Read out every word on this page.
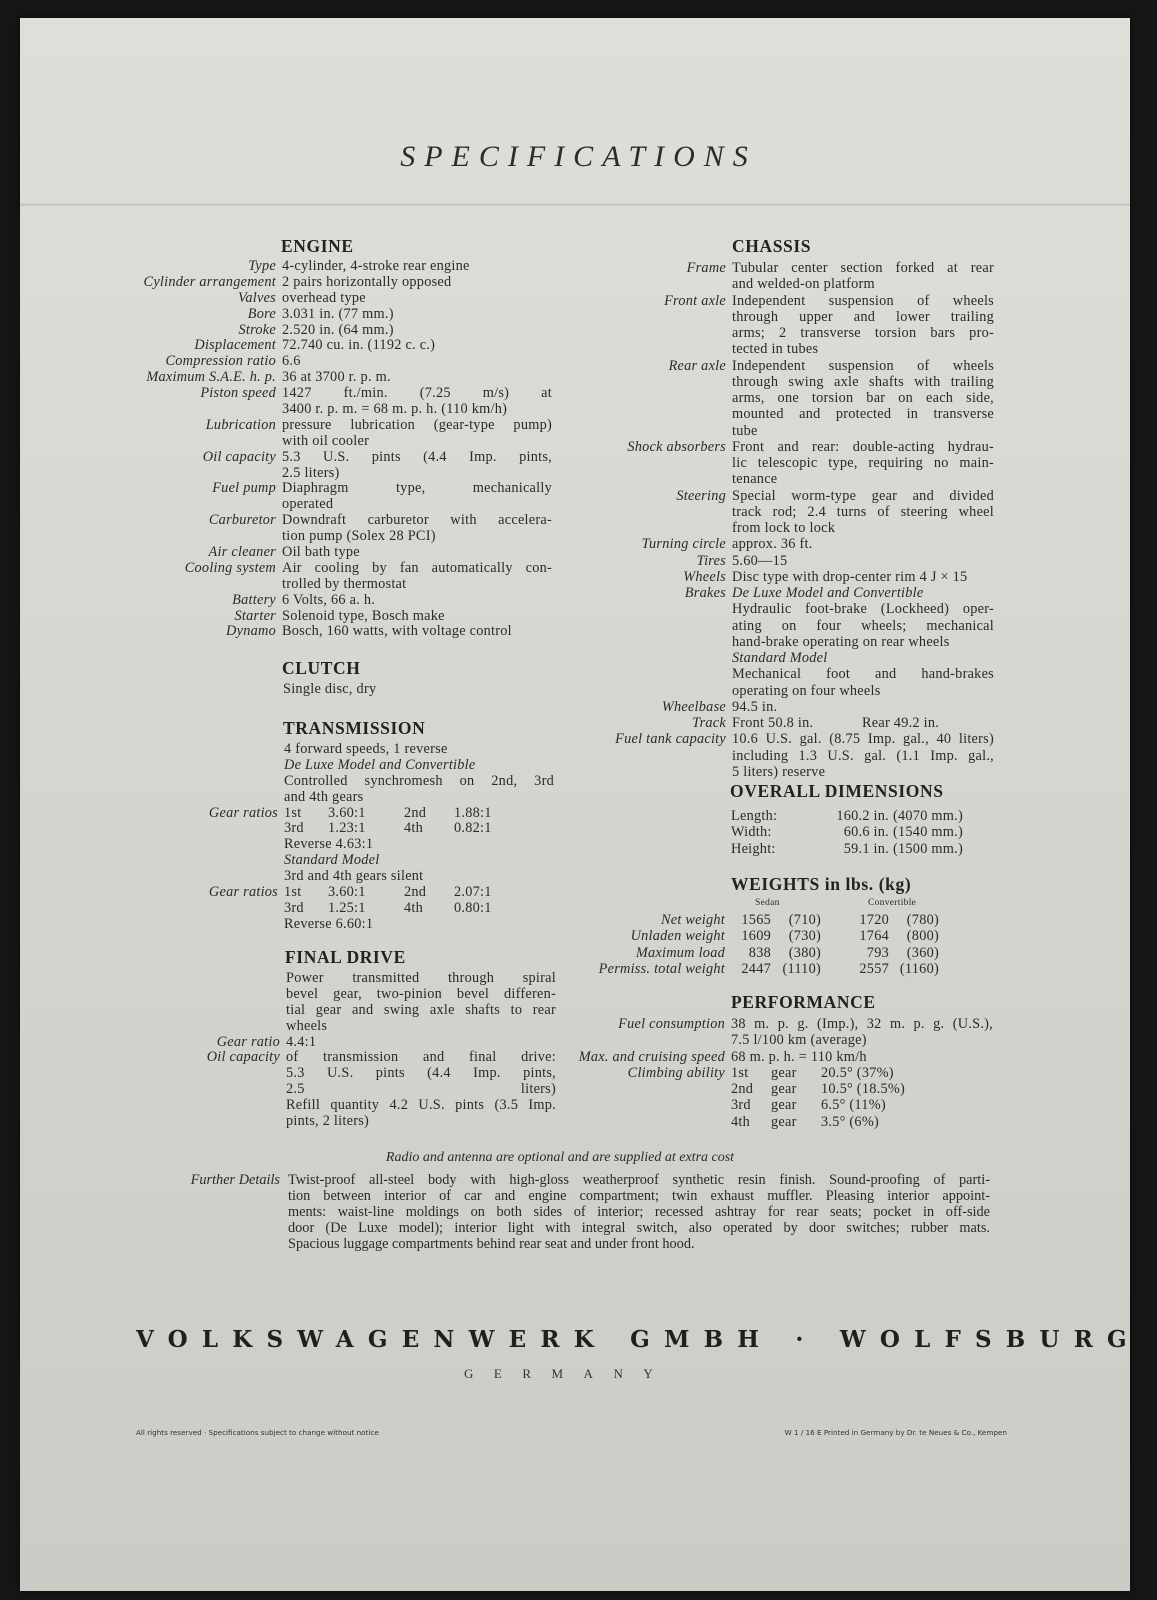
SPECIFICATIONS
ENGINE
Type 4-cylinder, 4-stroke rear engine
Cylinder arrangement 2 pairs horizontally opposed
Valves overhead type
Bore 3.031 in. (77 mm.)
Stroke 2.520 in. (64 mm.)
Displacement 72.740 cu. in. (1192 c. c.)
Compression ratio 6.6
Maximum S.A.E. h. p. 36 at 3700 r. p. m.
Piston speed 1427 ft./min. (7.25 m/s) at
3400 r. p. m. = 68 m. p. h. (110 km/h)
Lubrication pressure lubrication (gear-type pump)
with oil cooler
Oil capacity 5.3 U.S. pints (4.4 Imp. pints,
2.5 liters)
Fuel pump Diaphragm type, mechanically
operated
Carburetor Downdraft carburetor with accelera-
tion pump (Solex 28 PCI)
Air cleaner Oil bath type
Cooling system Air cooling by fan automatically con-
trolled by thermostat
Battery 6 Volts, 66 a. h.
Starter Solenoid type, Bosch make
Dynamo Bosch, 160 watts, with voltage control
CLUTCH
Single disc, dry
TRANSMISSION
4 forward speeds, 1 reverse
De Luxe Model and Convertible
Controlled synchromesh on 2nd, 3rd
and 4th gears
Gear ratios 1st	3.60:1	2nd	1.88:1
3rd	1.23:1	4th	0.82:1
Reverse 4.63:1
Standard Model
3rd and 4th gears silent
Gear ratios 1st	3.60:1	2nd	2.07:1
3rd	1.25:1	4th	0.80:1
Reverse 6.60:1
FINAL DRIVE
Power transmitted through spiral
bevel gear, two-pinion bevel differen-
tial gear and swing axle shafts to rear
wheels
Gear ratio 4.4:1
Oil capacity of transmission and final drive:
5.3 U.S. pints (4.4 Imp. pints,
2.5 liters)
Refill quantity 4.2 U.S. pints (3.5 Imp.
pints, 2 liters)
CHASSIS
Frame Tubular center section forked at rear
and welded-on platform
Front axle Independent suspension of wheels
through upper and lower trailing
arms; 2 transverse torsion bars pro-
tected in tubes
Rear axle Independent suspension of wheels
through swing axle shafts with trailing
arms, one torsion bar on each side,
mounted and protected in transverse
tube
Shock absorbers Front and rear: double-acting hydrau-
lic telescopic type, requiring no main-
tenance
Steering Special worm-type gear and divided
track rod; 2.4 turns of steering wheel
from lock to lock
Turning circle approx. 36 ft.
Tires 5.60—15
Wheels Disc type with drop-center rim 4 J × 15
Brakes De Luxe Model and Convertible
Hydraulic foot-brake (Lockheed) oper-
ating on four wheels; mechanical
hand-brake operating on rear wheels
Standard Model
Mechanical foot and hand-brakes
operating on four wheels
Wheelbase 94.5 in.
Track Front 50.8 in.	Rear 49.2 in.
Fuel tank capacity 10.6 U.S. gal. (8.75 Imp. gal., 40 liters)
including 1.3 U.S. gal. (1.1 Imp. gal.,
5 liters) reserve
OVERALL DIMENSIONS
Length:	160.2 in. (4070 mm.)
Width:	60.6 in. (1540 mm.)
Height:	59.1 in. (1500 mm.)
WEIGHTS in lbs. (kg)
Sedan	Convertible
Net weight	1565	(710)	1720	(780)
Unladen weight	1609	(730)	1764	(800)
Maximum load	838	(380)	793	(360)
Permiss. total weight	2447 (1110)	2557 (1160)
PERFORMANCE
Fuel consumption 38 m. p. g. (Imp.), 32 m. p. g. (U.S.),
7.5 l/100 km (average)
Max. and cruising speed 68 m. p. h. = 110 km/h
Climbing ability 1st	gear	20.5° (37%)
2nd	gear	10.5° (18.5%)
3rd	gear	6.5° (11%)
4th	gear	3.5° (6%)
Radio and antenna are optional and are supplied at extra cost
Further Details Twist-proof all-steel body with high-gloss weatherproof synthetic resin finish. Sound-proofing of parti-
tion between interior of car and engine compartment; twin exhaust muffler. Pleasing interior appoint-
ments: waist-line moldings on both sides of interior; recessed ashtray for rear seats; pocket in off-side
door (De Luxe model); interior light with integral switch, also operated by door switches; rubber mats.
Spacious luggage compartments behind rear seat and under front hood.
VOLKSWAGENWERK GMBH · WOLFSBURG
GERMANY
All rights reserved · Specifications subject to change without notice	W 1 / 16 E Printed in Germany by Dr. te Neues & Co., Kempen
